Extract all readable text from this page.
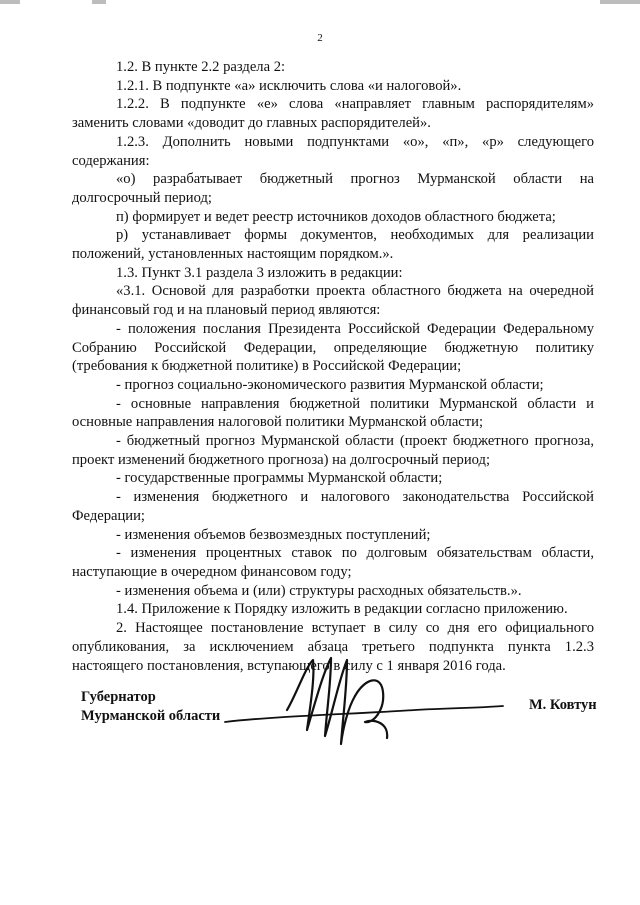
2

1.2. В пункте 2.2 раздела 2:

1.2.1. В подпункте «а» исключить слова «и налоговой».

1.2.2. В подпункте «е» слова «направляет главным распорядителям» заменить словами «доводит до главных распорядителей».

1.2.3. Дополнить новыми подпунктами «о», «п», «р» следующего содержания:

«о) разрабатывает бюджетный прогноз Мурманской области на долгосрочный период;

п) формирует и ведет реестр источников доходов областного бюджета;

р) устанавливает формы документов, необходимых для реализации положений, установленных настоящим порядком.».

1.3. Пункт 3.1 раздела 3 изложить в редакции:

«3.1. Основой для разработки проекта областного бюджета на очередной финансовый год и на плановый период являются:

- положения послания Президента Российской Федерации Федеральному Собранию Российской Федерации, определяющие бюджетную политику (требования к бюджетной политике) в Российской Федерации;

- прогноз социально-экономического развития Мурманской области;

- основные направления бюджетной политики Мурманской области и основные направления налоговой политики Мурманской области;

- бюджетный прогноз Мурманской области (проект бюджетного прогноза, проект изменений бюджетного прогноза) на долгосрочный период;

- государственные программы Мурманской области;

- изменения бюджетного и налогового законодательства Российской Федерации;

- изменения объемов безвозмездных поступлений;

- изменения процентных ставок по долговым обязательствам области, наступающие в очередном финансовом году;

- изменения объема и (или) структуры расходных обязательств.».

1.4. Приложение к Порядку изложить в редакции согласно приложению.

2. Настоящее постановление вступает в силу со дня его официального опубликования, за исключением абзаца третьего подпункта пункта 1.2.3 настоящего постановления, вступающего в силу с 1 января 2016 года.

Губернатор
Мурманской области
М. Ковтун
